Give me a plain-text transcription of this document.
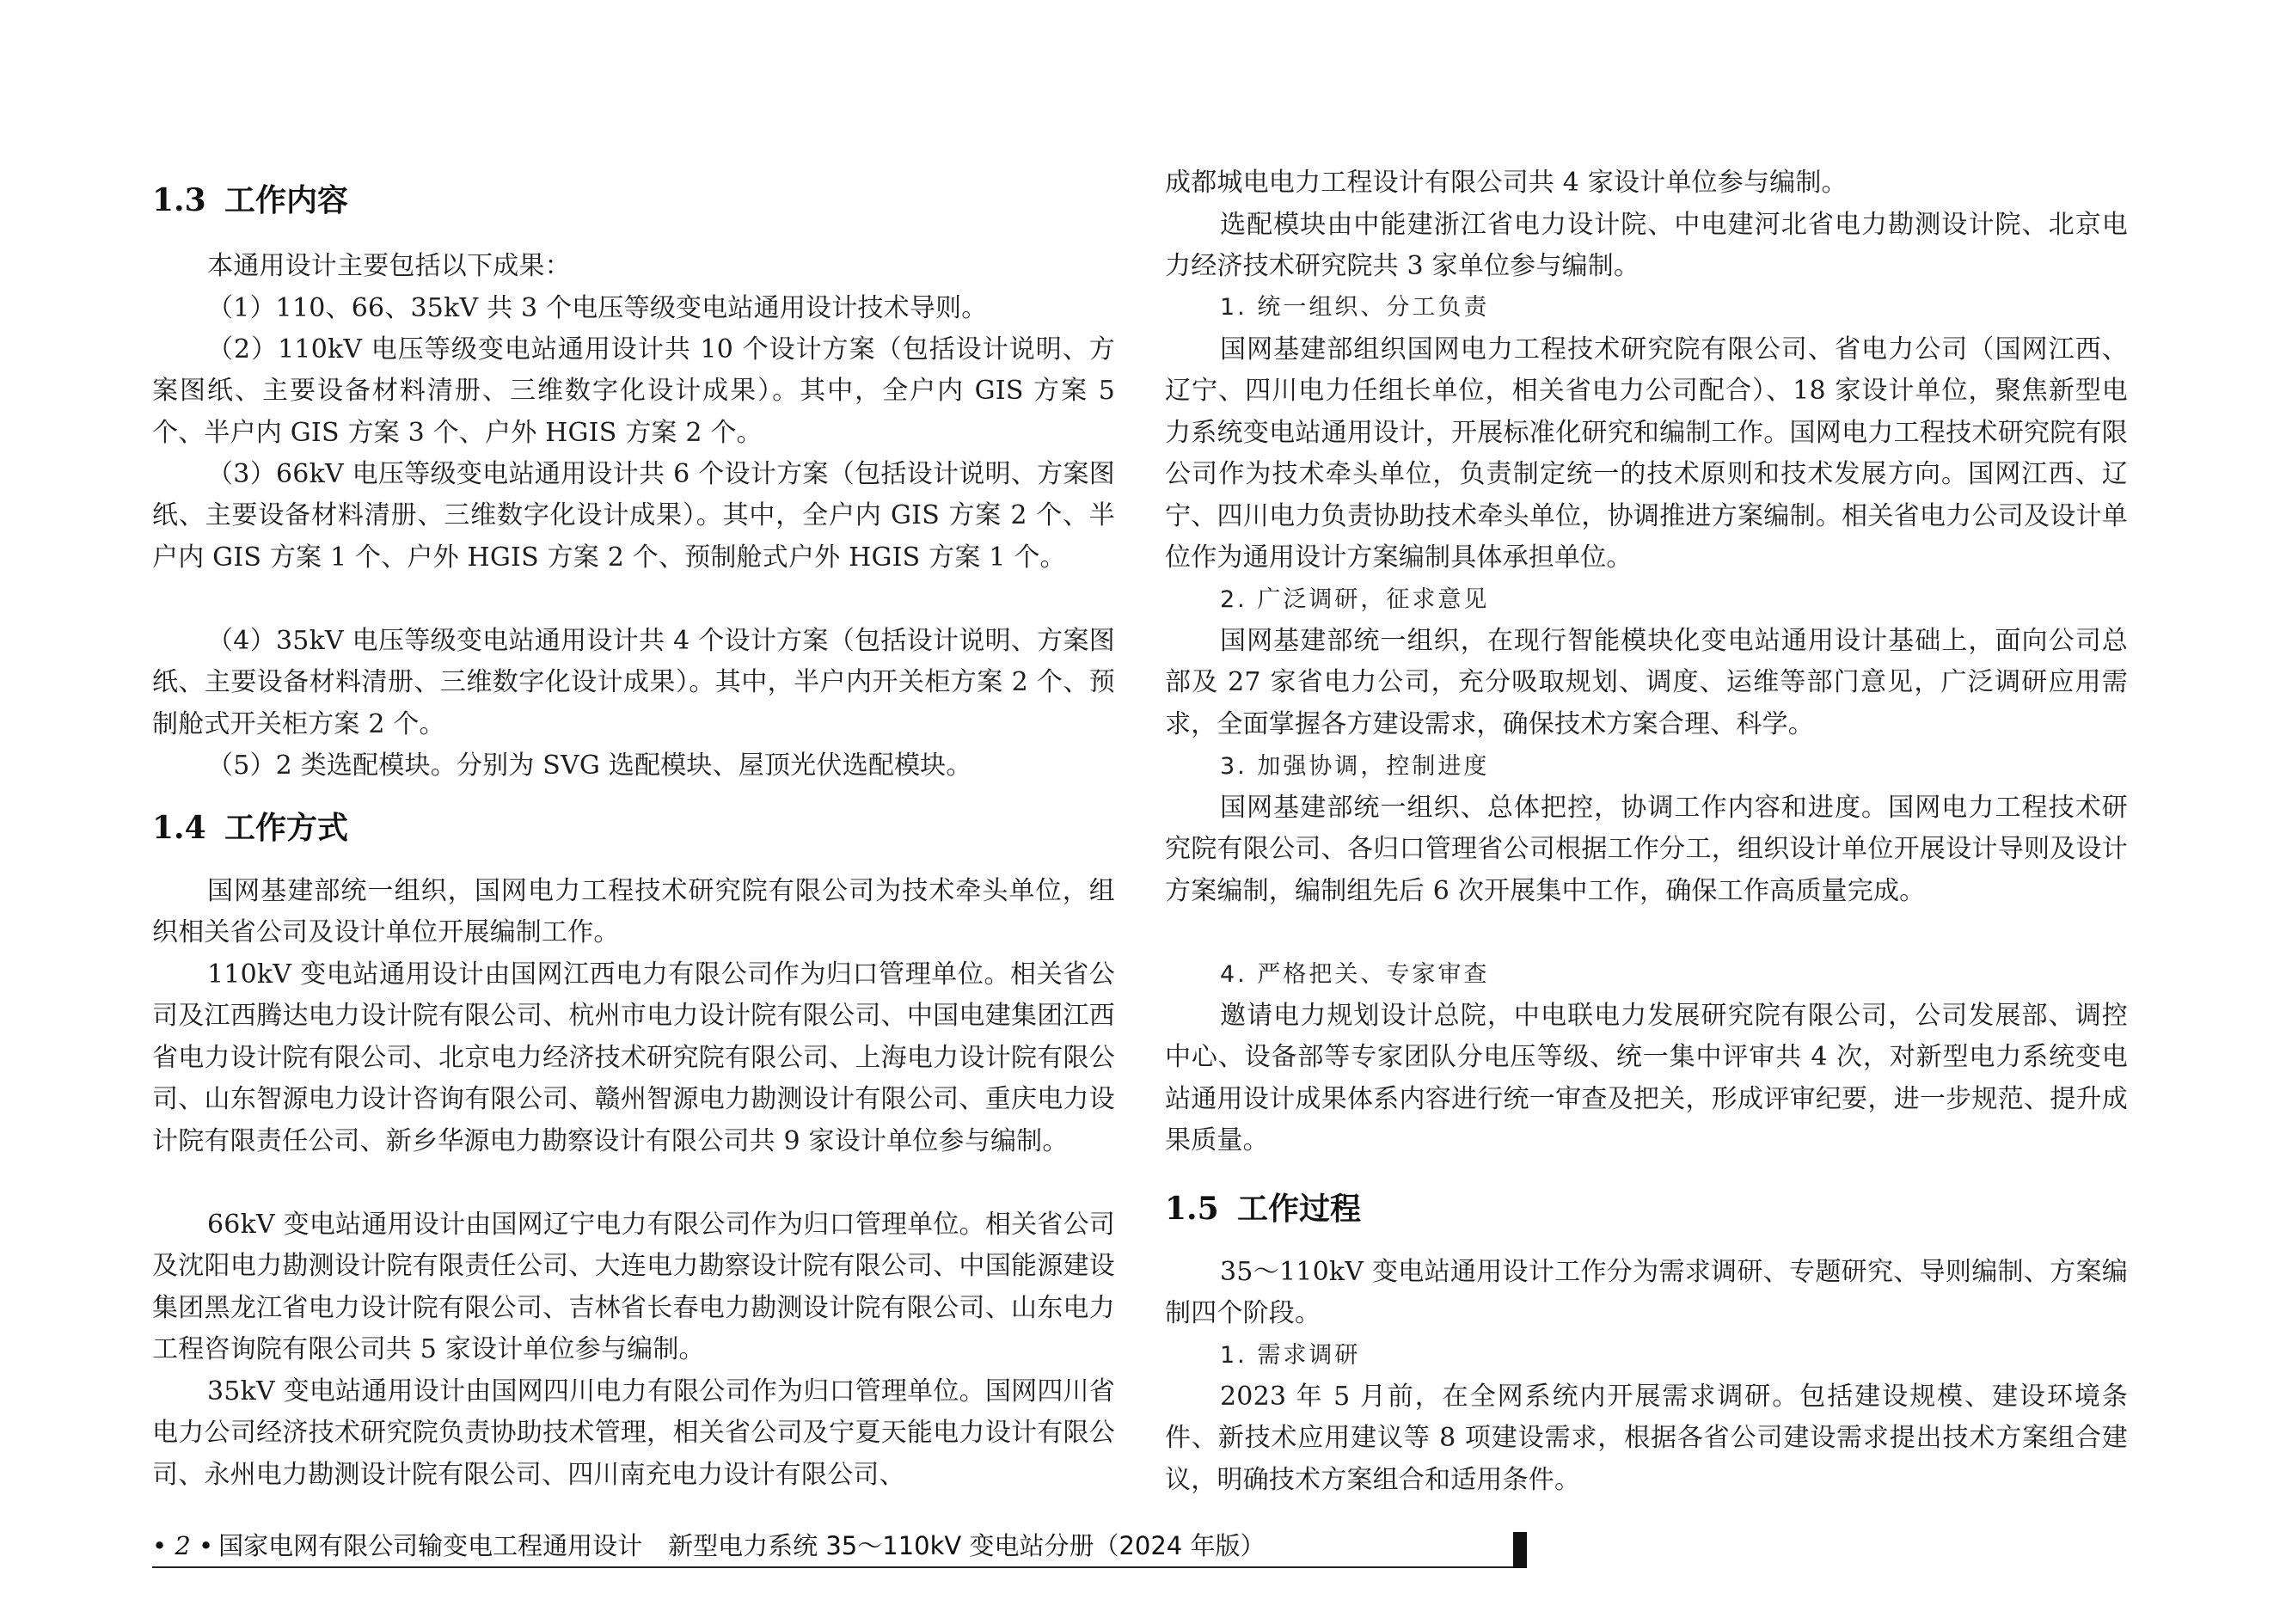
1.3 工作内容

本通用设计主要包括以下成果：

（1）110、66、35kV 共 3 个电压等级变电站通用设计技术导则。

（2）110kV 电压等级变电站通用设计共 10 个设计方案（包括设计说明、方案图纸、主要设备材料清册、三维数字化设计成果）。其中，全户内 GIS 方案 5 个、半户内 GIS 方案 3 个、户外 HGIS 方案 2 个。

（3）66kV 电压等级变电站通用设计共 6 个设计方案（包括设计说明、方案图纸、主要设备材料清册、三维数字化设计成果）。其中，全户内 GIS 方案 2 个、半户内 GIS 方案 1 个、户外 HGIS 方案 2 个、预制舱式户外 HGIS 方案 1 个。

（4）35kV 电压等级变电站通用设计共 4 个设计方案（包括设计说明、方案图纸、主要设备材料清册、三维数字化设计成果）。其中，半户内开关柜方案 2 个、预制舱式开关柜方案 2 个。

（5）2 类选配模块。分别为 SVG 选配模块、屋顶光伏选配模块。

1.4 工作方式

国网基建部统一组织，国网电力工程技术研究院有限公司为技术牵头单位，组织相关省公司及设计单位开展编制工作。

110kV 变电站通用设计由国网江西电力有限公司作为归口管理单位。相关省公司及江西腾达电力设计院有限公司、杭州市电力设计院有限公司、中国电建集团江西省电力设计院有限公司、北京电力经济技术研究院有限公司、上海电力设计院有限公司、山东智源电力设计咨询有限公司、赣州智源电力勘测设计有限公司、重庆电力设计院有限责任公司、新乡华源电力勘察设计有限公司共 9 家设计单位参与编制。

66kV 变电站通用设计由国网辽宁电力有限公司作为归口管理单位。相关省公司及沈阳电力勘测设计院有限责任公司、大连电力勘察设计院有限公司、中国能源建设集团黑龙江省电力设计院有限公司、吉林省长春电力勘测设计院有限公司、山东电力工程咨询院有限公司共 5 家设计单位参与编制。

35kV 变电站通用设计由国网四川电力有限公司作为归口管理单位。国网四川省电力公司经济技术研究院负责协助技术管理，相关省公司及宁夏天能电力设计有限公司、永州电力勘测设计院有限公司、四川南充电力设计有限公司、

成都城电电力工程设计有限公司共 4 家设计单位参与编制。

选配模块由中能建浙江省电力设计院、中电建河北省电力勘测设计院、北京电力经济技术研究院共 3 家单位参与编制。

1. 统一组织、分工负责

国网基建部组织国网电力工程技术研究院有限公司、省电力公司（国网江西、辽宁、四川电力任组长单位，相关省电力公司配合）、18 家设计单位，聚焦新型电力系统变电站通用设计，开展标准化研究和编制工作。国网电力工程技术研究院有限公司作为技术牵头单位，负责制定统一的技术原则和技术发展方向。国网江西、辽宁、四川电力负责协助技术牵头单位，协调推进方案编制。相关省电力公司及设计单位作为通用设计方案编制具体承担单位。

2. 广泛调研，征求意见

国网基建部统一组织，在现行智能模块化变电站通用设计基础上，面向公司总部及 27 家省电力公司，充分吸取规划、调度、运维等部门意见，广泛调研应用需求，全面掌握各方建设需求，确保技术方案合理、科学。

3. 加强协调，控制进度

国网基建部统一组织、总体把控，协调工作内容和进度。国网电力工程技术研究院有限公司、各归口管理省公司根据工作分工，组织设计单位开展设计导则及设计方案编制，编制组先后 6 次开展集中工作，确保工作高质量完成。

4. 严格把关、专家审查

邀请电力规划设计总院，中电联电力发展研究院有限公司，公司发展部、调控中心、设备部等专家团队分电压等级、统一集中评审共 4 次，对新型电力系统变电站通用设计成果体系内容进行统一审查及把关，形成评审纪要，进一步规范、提升成果质量。

1.5 工作过程

35～110kV 变电站通用设计工作分为需求调研、专题研究、导则编制、方案编制四个阶段。

1. 需求调研

2023 年 5 月前，在全网系统内开展需求调研。包括建设规模、建设环境条件、新技术应用建议等 8 项建设需求，根据各省公司建设需求提出技术方案组合建议，明确技术方案组合和适用条件。

• 2 • 国家电网有限公司输变电工程通用设计 新型电力系统 35～110kV 变电站分册（2024 年版）
